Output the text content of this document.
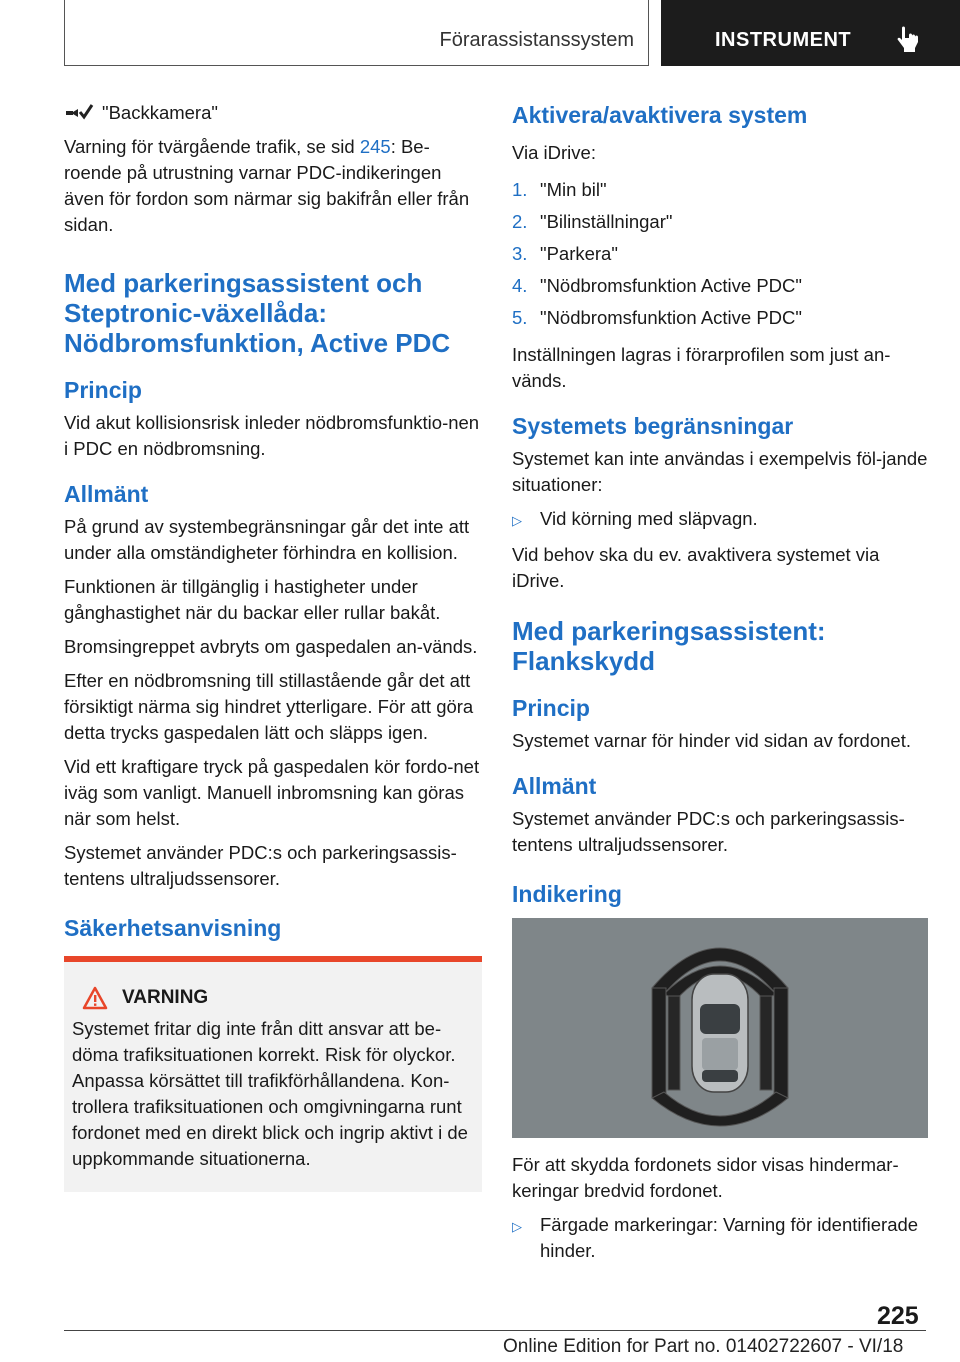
Förarassistanssystem	INSTRUMENT
"Backkamera"

Varning för tvärgående trafik, se sid 245: Be-roende på utrustning varnar PDC-indikeringen även för fordon som närmar sig bakifrån eller från sidan.

Med parkeringsassistent och Steptronic-växellåda: Nödbromsfunktion, Active PDC
Princip

Vid akut kollisionsrisk inleder nödbromsfunktio-nen i PDC en nödbromsning.

Allmänt

På grund av systembegränsningar går det inte att under alla omständigheter förhindra en kollision.

Funktionen är tillgänglig i hastigheter under gånghastighet när du backar eller rullar bakåt.

Bromsingreppet avbryts om gaspedalen an-vänds.

Efter en nödbromsning till stillastående går det att försiktigt närma sig hindret ytterligare. För att göra detta trycks gaspedalen lätt och släpps igen.

Vid ett kraftigare tryck på gaspedalen kör fordo-net iväg som vanligt. Manuell inbromsning kan göras när som helst.

Systemet använder PDC:s och parkeringsassis-tentens ultraljudssensorer.

Säkerhetsanvisning
VARNING

Systemet fritar dig inte från ditt ansvar att be-döma trafiksituationen korrekt. Risk för olyckor. Anpassa körsättet till trafikförhållandena. Kon-trollera trafiksituationen och omgivningarna runt fordonet med en direkt blick och ingrip aktivt i de uppkommande situationerna.

Aktivera/avaktivera system

Via iDrive:

1. "Min bil"
2. "Bilinställningar"
3. "Parkera"
4. "Nödbromsfunktion Active PDC"
5. "Nödbromsfunktion Active PDC"

Inställningen lagras i förarprofilen som just an-vänds.

Systemets begränsningar

Systemet kan inte användas i exempelvis föl-jande situationer:

▷ Vid körning med släpvagn.

Vid behov ska du ev. avaktivera systemet via iDrive.

Med parkeringsassistent: Flankskydd
Princip

Systemet varnar för hinder vid sidan av fordonet.

Allmänt

Systemet använder PDC:s och parkeringsassis-tentens ultraljudssensorer.

Indikering

För att skydda fordonets sidor visas hindermar-keringar bredvid fordonet.

▷ Färgade markeringar: Varning för identifierade hinder.
225
Online Edition for Part no. 01402722607 - VI/18
